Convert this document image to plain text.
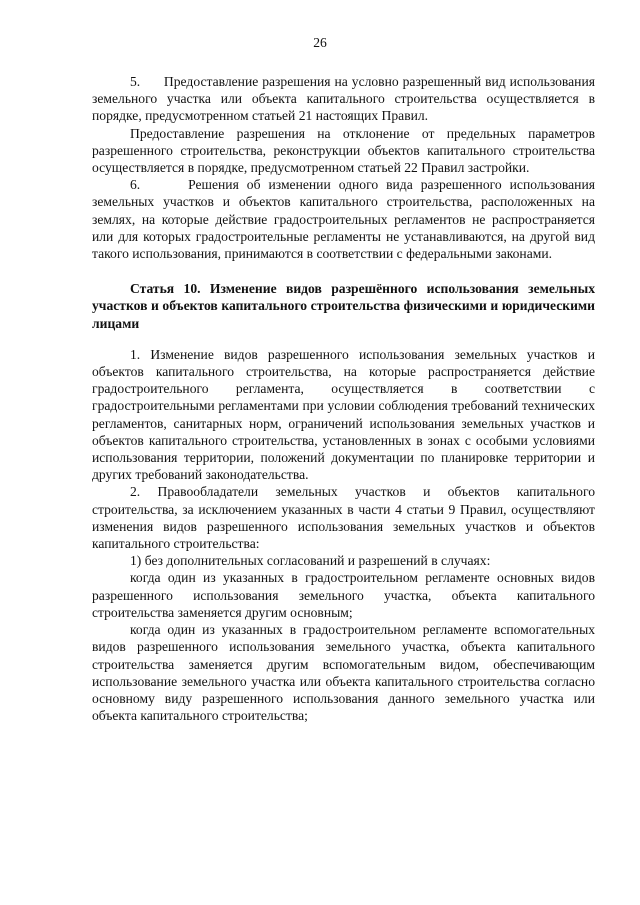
26

5.      Предоставление разрешения на условно разрешенный вид использования земельного участка или объекта капитального строительства осуществляется в порядке, предусмотренном статьей 21 настоящих Правил.

Предоставление разрешения на отклонение от предельных параметров разрешенного строительства, реконструкции объектов капитального строительства осуществляется в порядке, предусмотренном статьей 22 Правил застройки.

6.      Решения об изменении одного вида разрешенного использования земельных участков и объектов капитального строительства, расположенных на землях, на которые действие градостроительных регламентов не распространяется или для которых градостроительные регламенты не устанавливаются, на другой вид такого использования, принимаются в соответствии с федеральными законами.

Статья 10. Изменение видов разрешённого использования земельных участков и объектов капитального строительства физическими и юридическими лицами

1. Изменение видов разрешенного использования земельных участков и объектов капитального строительства, на которые распространяется действие градостроительного регламента, осуществляется в соответствии с градостроительными регламентами при условии соблюдения требований технических регламентов, санитарных норм, ограничений использования земельных участков и объектов капитального строительства, установленных в зонах с особыми условиями использования территории, положений документации по планировке территории и других требований законодательства.

2. Правообладатели земельных участков и объектов капитального строительства, за исключением указанных в части 4 статьи 9 Правил, осуществляют изменения видов разрешенного использования земельных участков и объектов капитального строительства:

1) без дополнительных согласований и разрешений в случаях:

когда один из указанных в градостроительном регламенте основных видов разрешенного использования земельного участка, объекта капитального строительства заменяется другим основным;

когда один из указанных в градостроительном регламенте вспомогательных видов разрешенного использования земельного участка, объекта капитального строительства заменяется другим вспомогательным видом, обеспечивающим использование земельного участка или объекта капитального строительства согласно основному виду разрешенного использования данного земельного участка или объекта капитального строительства;
